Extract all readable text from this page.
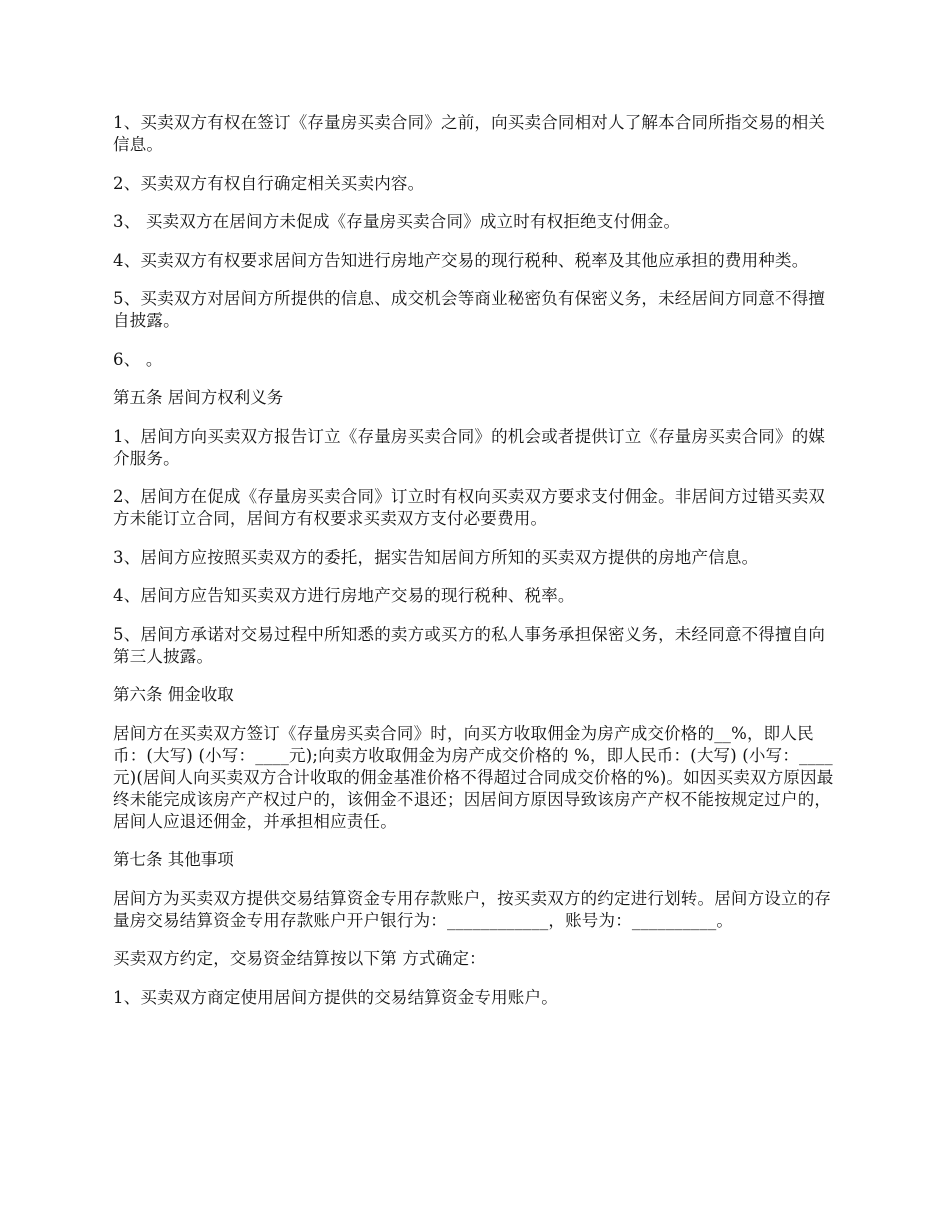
1、买卖双方有权在签订《存量房买卖合同》之前，向买卖合同相对人了解本合同所指交易的相关信息。

2、买卖双方有权自行确定相关买卖内容。

3、 买卖双方在居间方未促成《存量房买卖合同》成立时有权拒绝支付佣金。

4、买卖双方有权要求居间方告知进行房地产交易的现行税种、税率及其他应承担的费用种类。

5、买卖双方对居间方所提供的信息、成交机会等商业秘密负有保密义务，未经居间方同意不得擅自披露。

6、 。

第五条 居间方权利义务

1、居间方向买卖双方报告订立《存量房买卖合同》的机会或者提供订立《存量房买卖合同》的媒介服务。

2、居间方在促成《存量房买卖合同》订立时有权向买卖双方要求支付佣金。非居间方过错买卖双方未能订立合同，居间方有权要求买卖双方支付必要费用。

3、居间方应按照买卖双方的委托，据实告知居间方所知的买卖双方提供的房地产信息。

4、居间方应告知买卖双方进行房地产交易的现行税种、税率。

5、居间方承诺对交易过程中所知悉的卖方或买方的私人事务承担保密义务，未经同意不得擅自向第三人披露。

第六条 佣金收取

居间方在买卖双方签订《存量房买卖合同》时，向买方收取佣金为房产成交价格的__%，即人民币：(大写) (小写：____元);向卖方收取佣金为房产成交价格的 %，即人民币：(大写) (小写：____元)(居间人向买卖双方合计收取的佣金基准价格不得超过合同成交价格的%)。如因买卖双方原因最终未能完成该房产产权过户的，该佣金不退还；因居间方原因导致该房产产权不能按规定过户的，居间人应退还佣金，并承担相应责任。

第七条 其他事项

居间方为买卖双方提供交易结算资金专用存款账户，按买卖双方的约定进行划转。居间方设立的存量房交易结算资金专用存款账户开户银行为：____________，账号为：__________。

买卖双方约定，交易资金结算按以下第 方式确定：

1、买卖双方商定使用居间方提供的交易结算资金专用账户。
